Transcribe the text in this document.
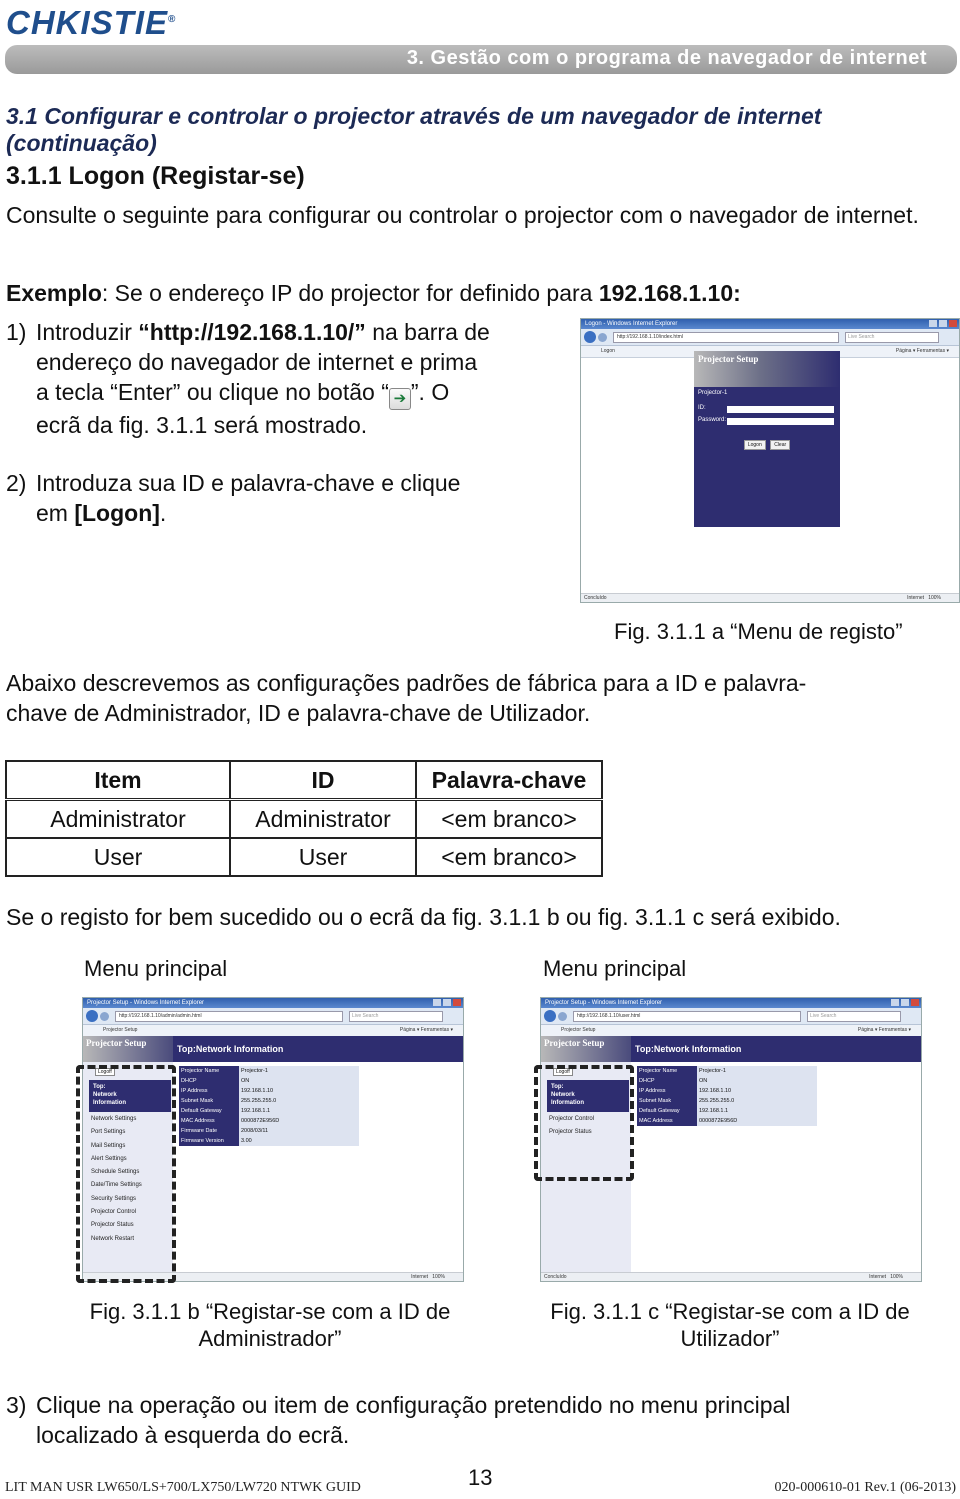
CHKISTIE®
3. Gestão com o programa de navegador de internet
3.1 Configurar e controlar o projector através de um navegador de internet (continuação)
3.1.1 Logon (Registar-se)
Consulte o seguinte para configurar ou controlar o projector com o navegador de internet.
Exemplo: Se o endereço IP do projector for definido para 192.168.1.10:
1) Introduzir “http://192.168.1.10/” na barra de
endereço do navegador de internet e prima
a tecla “Enter” ou clique no botão “ ➔ ”. O
ecrã da fig. 3.1.1 será mostrado.
2) Introduza sua ID e palavra-chave e clique
em [Logon].
Logon - Windows Internet Explorer
http://192.168.1.10/index.html	Live Search
Logon	Página ▾ Ferramentas ▾
Projector Setup
Projector-1
ID:
Password:
Logon Clear
Concluído	Internet 100%
Fig. 3.1.1 a “Menu de registo”
Abaixo descrevemos as configurações padrões de fábrica para a ID e palavra-
chave de Administrador, ID e palavra-chave de Utilizador.
Item	ID	Palavra-chave
Administrator	Administrator	<em branco>
User	User	<em branco>
Se o registo for bem sucedido ou o ecrã da fig. 3.1.1 b ou fig. 3.1.1 c será exibido.
Menu principal	Menu principal
Projector Setup - Windows Internet Explorer
http://192.168.1.10/admin/admin.html	Live Search
Projector Setup	Página ▾ Ferramentas ▾
Projector Setup
Top:Network Information
Logoff
Top:
Network
Information
Network Settings
Port Settings
Mail Settings
Alert Settings
Schedule Settings
Date/Time Settings
Security Settings
Projector Control
Projector Status
Network Restart
Projector Name	Projector-1
DHCP	ON
IP Address	192.168.1.10
Subnet Mask	255.255.255.0
Default Gateway	192.168.1.1
MAC Address	0000872E956D
Firmware Date	2008/03/11
Firmware Version	3.00
Internet 100%
Projector Setup - Windows Internet Explorer
http://192.168.1.10/user.html	Live Search
Projector Setup	Página ▾ Ferramentas ▾
Projector Setup
Top:Network Information
Logoff
Top:
Network
Information
Projector Control
Projector Status
Projector Name	Projector-1
DHCP	ON
IP Address	192.168.1.10
Subnet Mask	255.255.255.0
Default Gateway	192.168.1.1
MAC Address	0000872E956D
Concluído	Internet 100%
Fig. 3.1.1 b “Registar-se com a ID de
Administrador”
Fig. 3.1.1 c “Registar-se com a ID de
Utilizador”
3) Clique na operação ou item de configuração pretendido no menu principal
localizado à esquerda do ecrã.
LIT MAN USR LW650/LS+700/LX750/LW720 NTWK GUID	13	020-000610-01 Rev.1 (06-2013)
